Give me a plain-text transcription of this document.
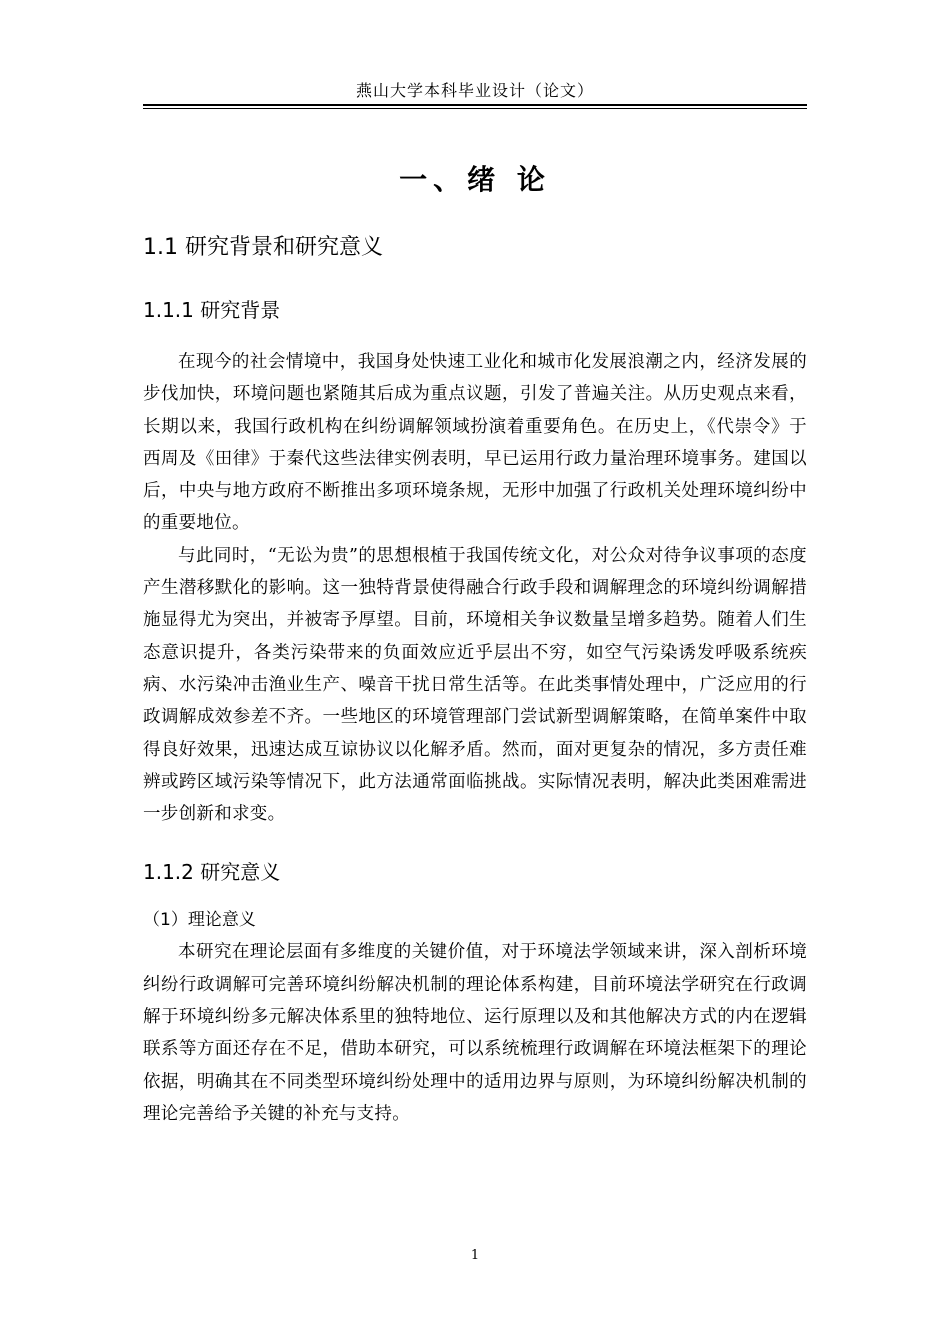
燕山大学本科毕业设计（论文）
一、绪 论
1.1 研究背景和研究意义
1.1.1 研究背景

在现今的社会情境中，我国身处快速工业化和城市化发展浪潮之内，经济发展的步伐加快，环境问题也紧随其后成为重点议题，引发了普遍关注。从历史观点来看，长期以来，我国行政机构在纠纷调解领域扮演着重要角色。在历史上，《代崇令》于西周及《田律》于秦代这些法律实例表明，早已运用行政力量治理环境事务。建国以后，中央与地方政府不断推出多项环境条规，无形中加强了行政机关处理环境纠纷中的重要地位。

与此同时，“无讼为贵”的思想根植于我国传统文化，对公众对待争议事项的态度产生潜移默化的影响。这一独特背景使得融合行政手段和调解理念的环境纠纷调解措施显得尤为突出，并被寄予厚望。目前，环境相关争议数量呈增多趋势。随着人们生态意识提升，各类污染带来的负面效应近乎层出不穷，如空气污染诱发呼吸系统疾病、水污染冲击渔业生产、噪音干扰日常生活等。在此类事情处理中，广泛应用的行政调解成效参差不齐。一些地区的环境管理部门尝试新型调解策略，在简单案件中取得良好效果，迅速达成互谅协议以化解矛盾。然而，面对更复杂的情况，多方责任难辨或跨区域污染等情况下，此方法通常面临挑战。实际情况表明，解决此类困难需进一步创新和求变。

1.1.2 研究意义
（1）理论意义

本研究在理论层面有多维度的关键价值，对于环境法学领域来讲，深入剖析环境纠纷行政调解可完善环境纠纷解决机制的理论体系构建，目前环境法学研究在行政调解于环境纠纷多元解决体系里的独特地位、运行原理以及和其他解决方式的内在逻辑联系等方面还存在不足，借助本研究，可以系统梳理行政调解在环境法框架下的理论依据，明确其在不同类型环境纠纷处理中的适用边界与原则，为环境纠纷解决机制的理论完善给予关键的补充与支持。

1
